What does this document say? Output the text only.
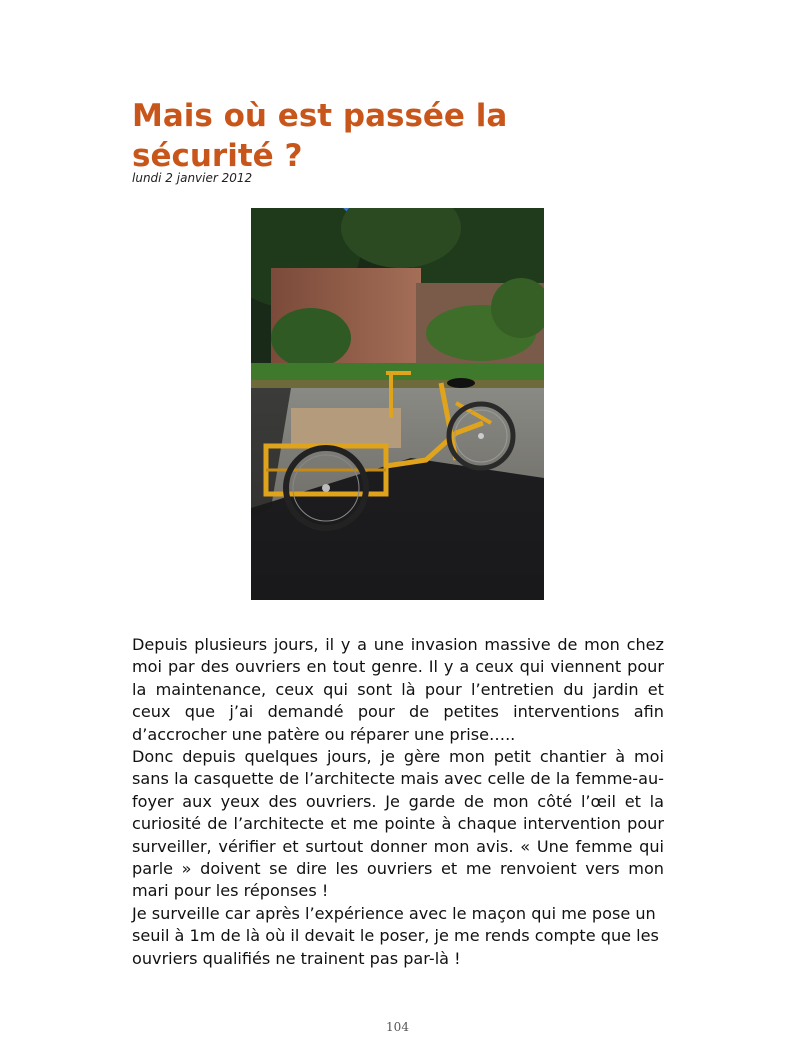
Mais où est passée la sécurité ?
lundi 2 janvier 2012

Depuis plusieurs jours, il y a une invasion massive de mon chez moi par des ouvriers en tout genre. Il y a ceux qui viennent pour la maintenance, ceux qui sont là pour l’entretien du jardin et ceux que j’ai demandé pour de petites interventions afin d’accrocher une patère ou réparer une prise…..

Donc depuis quelques jours, je gère mon petit chantier à moi sans la casquette de l’architecte mais avec celle de la femme-au-foyer aux yeux des ouvriers. Je garde de mon côté l’œil et la curiosité de l’architecte et me pointe à chaque intervention pour surveiller, vérifier et surtout donner mon avis. « Une femme qui parle » doivent se dire les ouvriers et me renvoient vers mon mari pour les réponses !

Je surveille car après l’expérience avec le maçon qui me pose un seuil à 1m de là où il devait le poser, je me rends compte que les ouvriers qualifiés ne trainent pas par-là !

104
